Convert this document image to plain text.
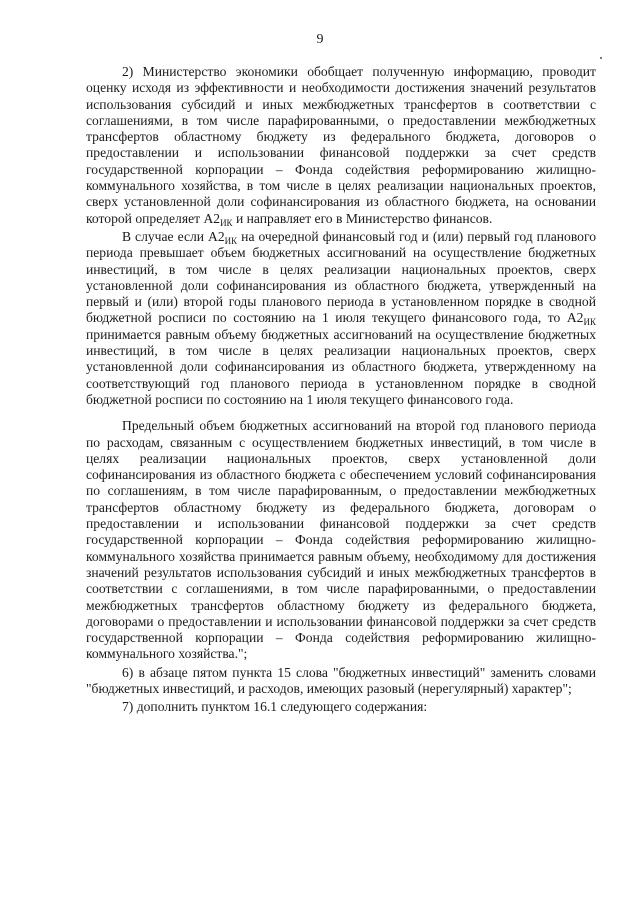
9

2) Министерство экономики обобщает полученную информацию, проводит оценку исходя из эффективности и необходимости достижения значений результатов использования субсидий и иных межбюджетных трансфертов в соответствии с соглашениями, в том числе парафированными, о предоставлении межбюджетных трансфертов областному бюджету из федерального бюджета, договоров о предоставлении и использовании финансовой поддержки за счет средств государственной корпорации – Фонда содействия реформированию жилищно-коммунального хозяйства, в том числе в целях реализации национальных проектов, сверх установленной доли софинансирования из областного бюджета, на основании которой определяет $А2_{ИК}$ и направляет его в Министерство финансов.

В случае если $А2_{ИК}$ на очередной финансовый год и (или) первый год планового периода превышает объем бюджетных ассигнований на осуществление бюджетных инвестиций, в том числе в целях реализации национальных проектов, сверх установленной доли софинансирования из областного бюджета, утвержденный на первый и (или) второй годы планового периода в установленном порядке в сводной бюджетной росписи по состоянию на 1 июля текущего финансового года, то $А2_{ИК}$ принимается равным объему бюджетных ассигнований на осуществление бюджетных инвестиций, в том числе в целях реализации национальных проектов, сверх установленной доли софинансирования из областного бюджета, утвержденному на соответствующий год планового периода в установленном порядке в сводной бюджетной росписи по состоянию на 1 июля текущего финансового года.

Предельный объем бюджетных ассигнований на второй год планового периода по расходам, связанным с осуществлением бюджетных инвестиций, в том числе в целях реализации национальных проектов, сверх установленной доли софинансирования из областного бюджета с обеспечением условий софинансирования по соглашениям, в том числе парафированным, о предоставлении межбюджетных трансфертов областному бюджету из федерального бюджета, договорам о предоставлении и использовании финансовой поддержки за счет средств государственной корпорации – Фонда содействия реформированию жилищно-коммунального хозяйства принимается равным объему, необходимому для достижения значений результатов использования субсидий и иных межбюджетных трансфертов в соответствии с соглашениями, в том числе парафированными, о предоставлении межбюджетных трансфертов областному бюджету из федерального бюджета, договорами о предоставлении и использовании финансовой поддержки за счет средств государственной корпорации – Фонда содействия реформированию жилищно-коммунального хозяйства.";

6) в абзаце пятом пункта 15 слова "бюджетных инвестиций" заменить словами "бюджетных инвестиций, и расходов, имеющих разовый (нерегулярный) характер";

7) дополнить пунктом 16.1 следующего содержания:
